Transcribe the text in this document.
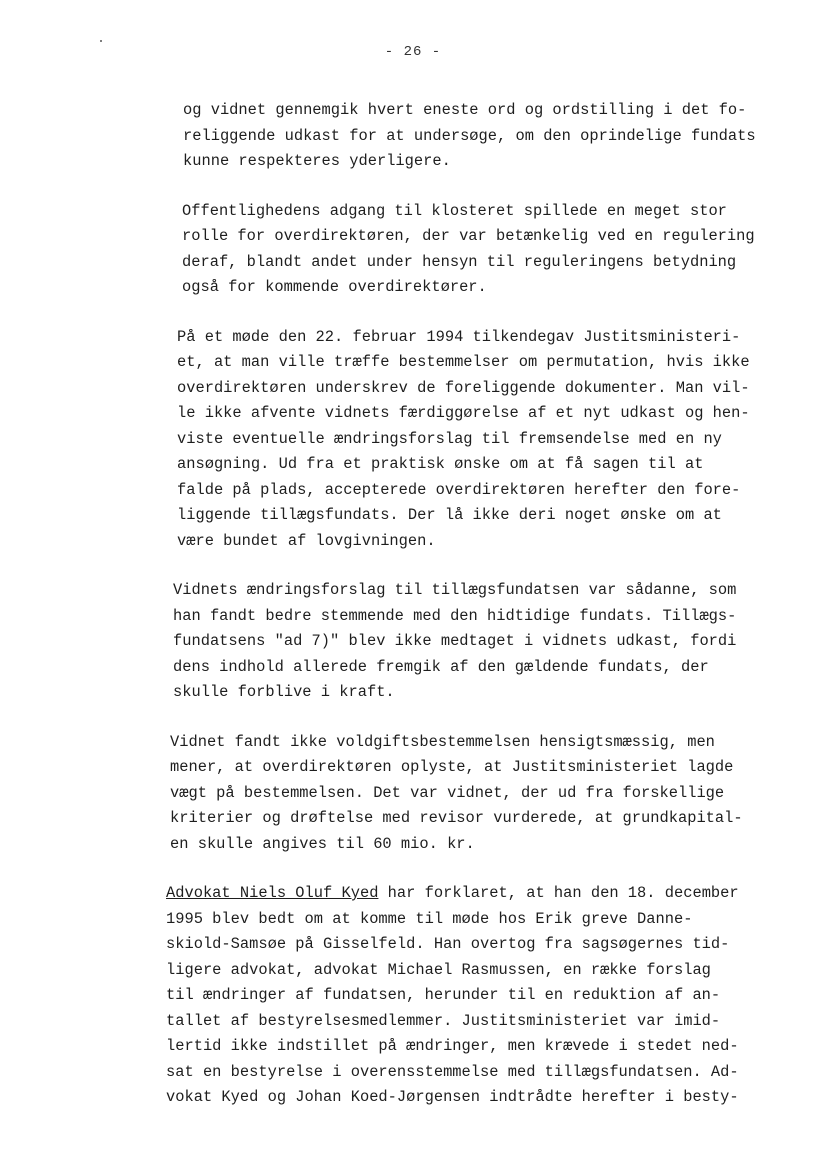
- 26 -
og vidnet gennemgik hvert eneste ord og ordstilling i det fo-
religgende udkast for at undersøge, om den oprindelige fundats
kunne respekteres yderligere.
Offentlighedens adgang til klosteret spillede en meget stor
rolle for overdirektøren, der var betænkelig ved en regulering
deraf, blandt andet under hensyn til reguleringens betydning
også for kommende overdirektører.
På et møde den 22. februar 1994 tilkendegav Justitsministeri-
et, at man ville træffe bestemmelser om permutation, hvis ikke
overdirektøren underskrev de foreliggende dokumenter. Man vil-
le ikke afvente vidnets færdiggørelse af et nyt udkast og hen-
viste eventuelle ændringsforslag til fremsendelse med en ny
ansøgning. Ud fra et praktisk ønske om at få sagen til at
falde på plads, accepterede overdirektøren herefter den fore-
liggende tillægsfundats. Der lå ikke deri noget ønske om at
være bundet af lovgivningen.
Vidnets ændringsforslag til tillægsfundatsen var sådanne, som
han fandt bedre stemmende med den hidtidige fundats. Tillægs-
fundatsens "ad 7)" blev ikke medtaget i vidnets udkast, fordi
dens indhold allerede fremgik af den gældende fundats, der
skulle forblive i kraft.
Vidnet fandt ikke voldgiftsbestemmelsen hensigtsmæssig, men
mener, at overdirektøren oplyste, at Justitsministeriet lagde
vægt på bestemmelsen. Det var vidnet, der ud fra forskellige
kriterier og drøftelse med revisor vurderede, at grundkapital-
en skulle angives til 60 mio. kr.
Advokat Niels Oluf Kyed har forklaret, at han den 18. december
1995 blev bedt om at komme til møde hos Erik greve Danne-
skiold-Samsøe på Gisselfeld. Han overtog fra sagsøgernes tid-
ligere advokat, advokat Michael Rasmussen, en række forslag
til ændringer af fundatsen, herunder til en reduktion af an-
tallet af bestyrelsesmedlemmer. Justitsministeriet var imid-
lertid ikke indstillet på ændringer, men krævede i stedet ned-
sat en bestyrelse i overensstemmelse med tillægsfundatsen. Ad-
vokat Kyed og Johan Koed-Jørgensen indtrådte herefter i besty-
